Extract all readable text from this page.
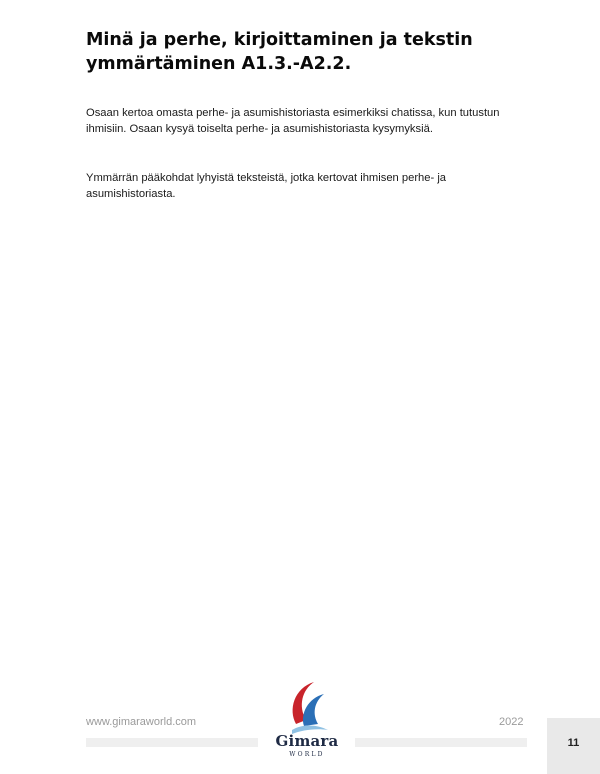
Minä ja perhe, kirjoittaminen ja tekstin ymmärtäminen A1.3.-A2.2.

Osaan kertoa omasta perhe- ja asumishistoriasta esimerkiksi chatissa, kun tutustun ihmisiin. Osaan kysyä toiselta perhe- ja asumishistoriasta kysymyksiä.

Ymmärrän pääkohdat lyhyistä teksteistä, jotka kertovat ihmisen perhe- ja asumishistoriasta.

www.gimaraworld.com	2022
Gimara
WORLD
11
